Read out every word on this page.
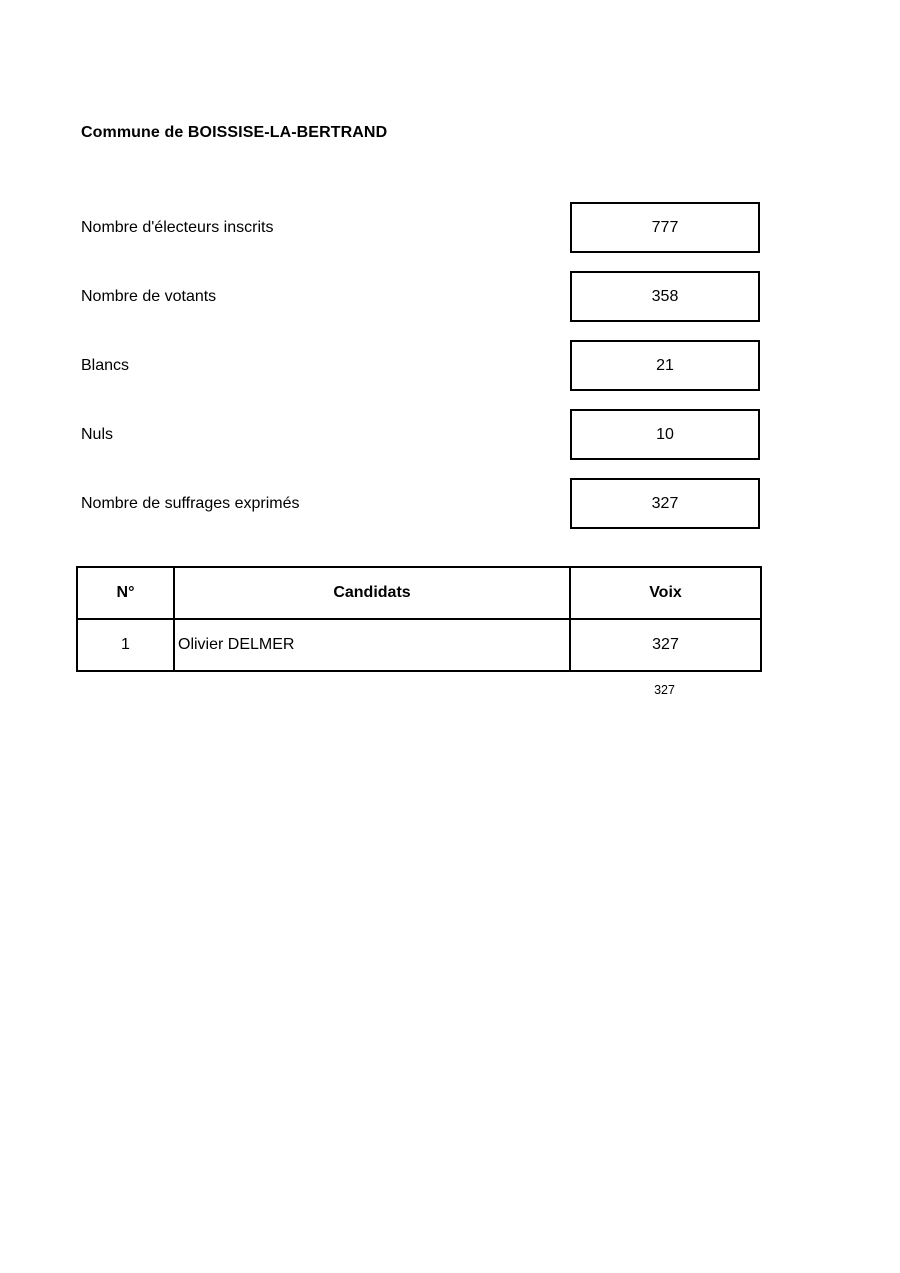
Commune de BOISSISE-LA-BERTRAND
Nombre d'électeurs inscrits	777
Nombre de votants	358
Blancs	21
Nuls	10
Nombre de suffrages exprimés	327
N°	Candidats	Voix
1	Olivier DELMER	327
327
